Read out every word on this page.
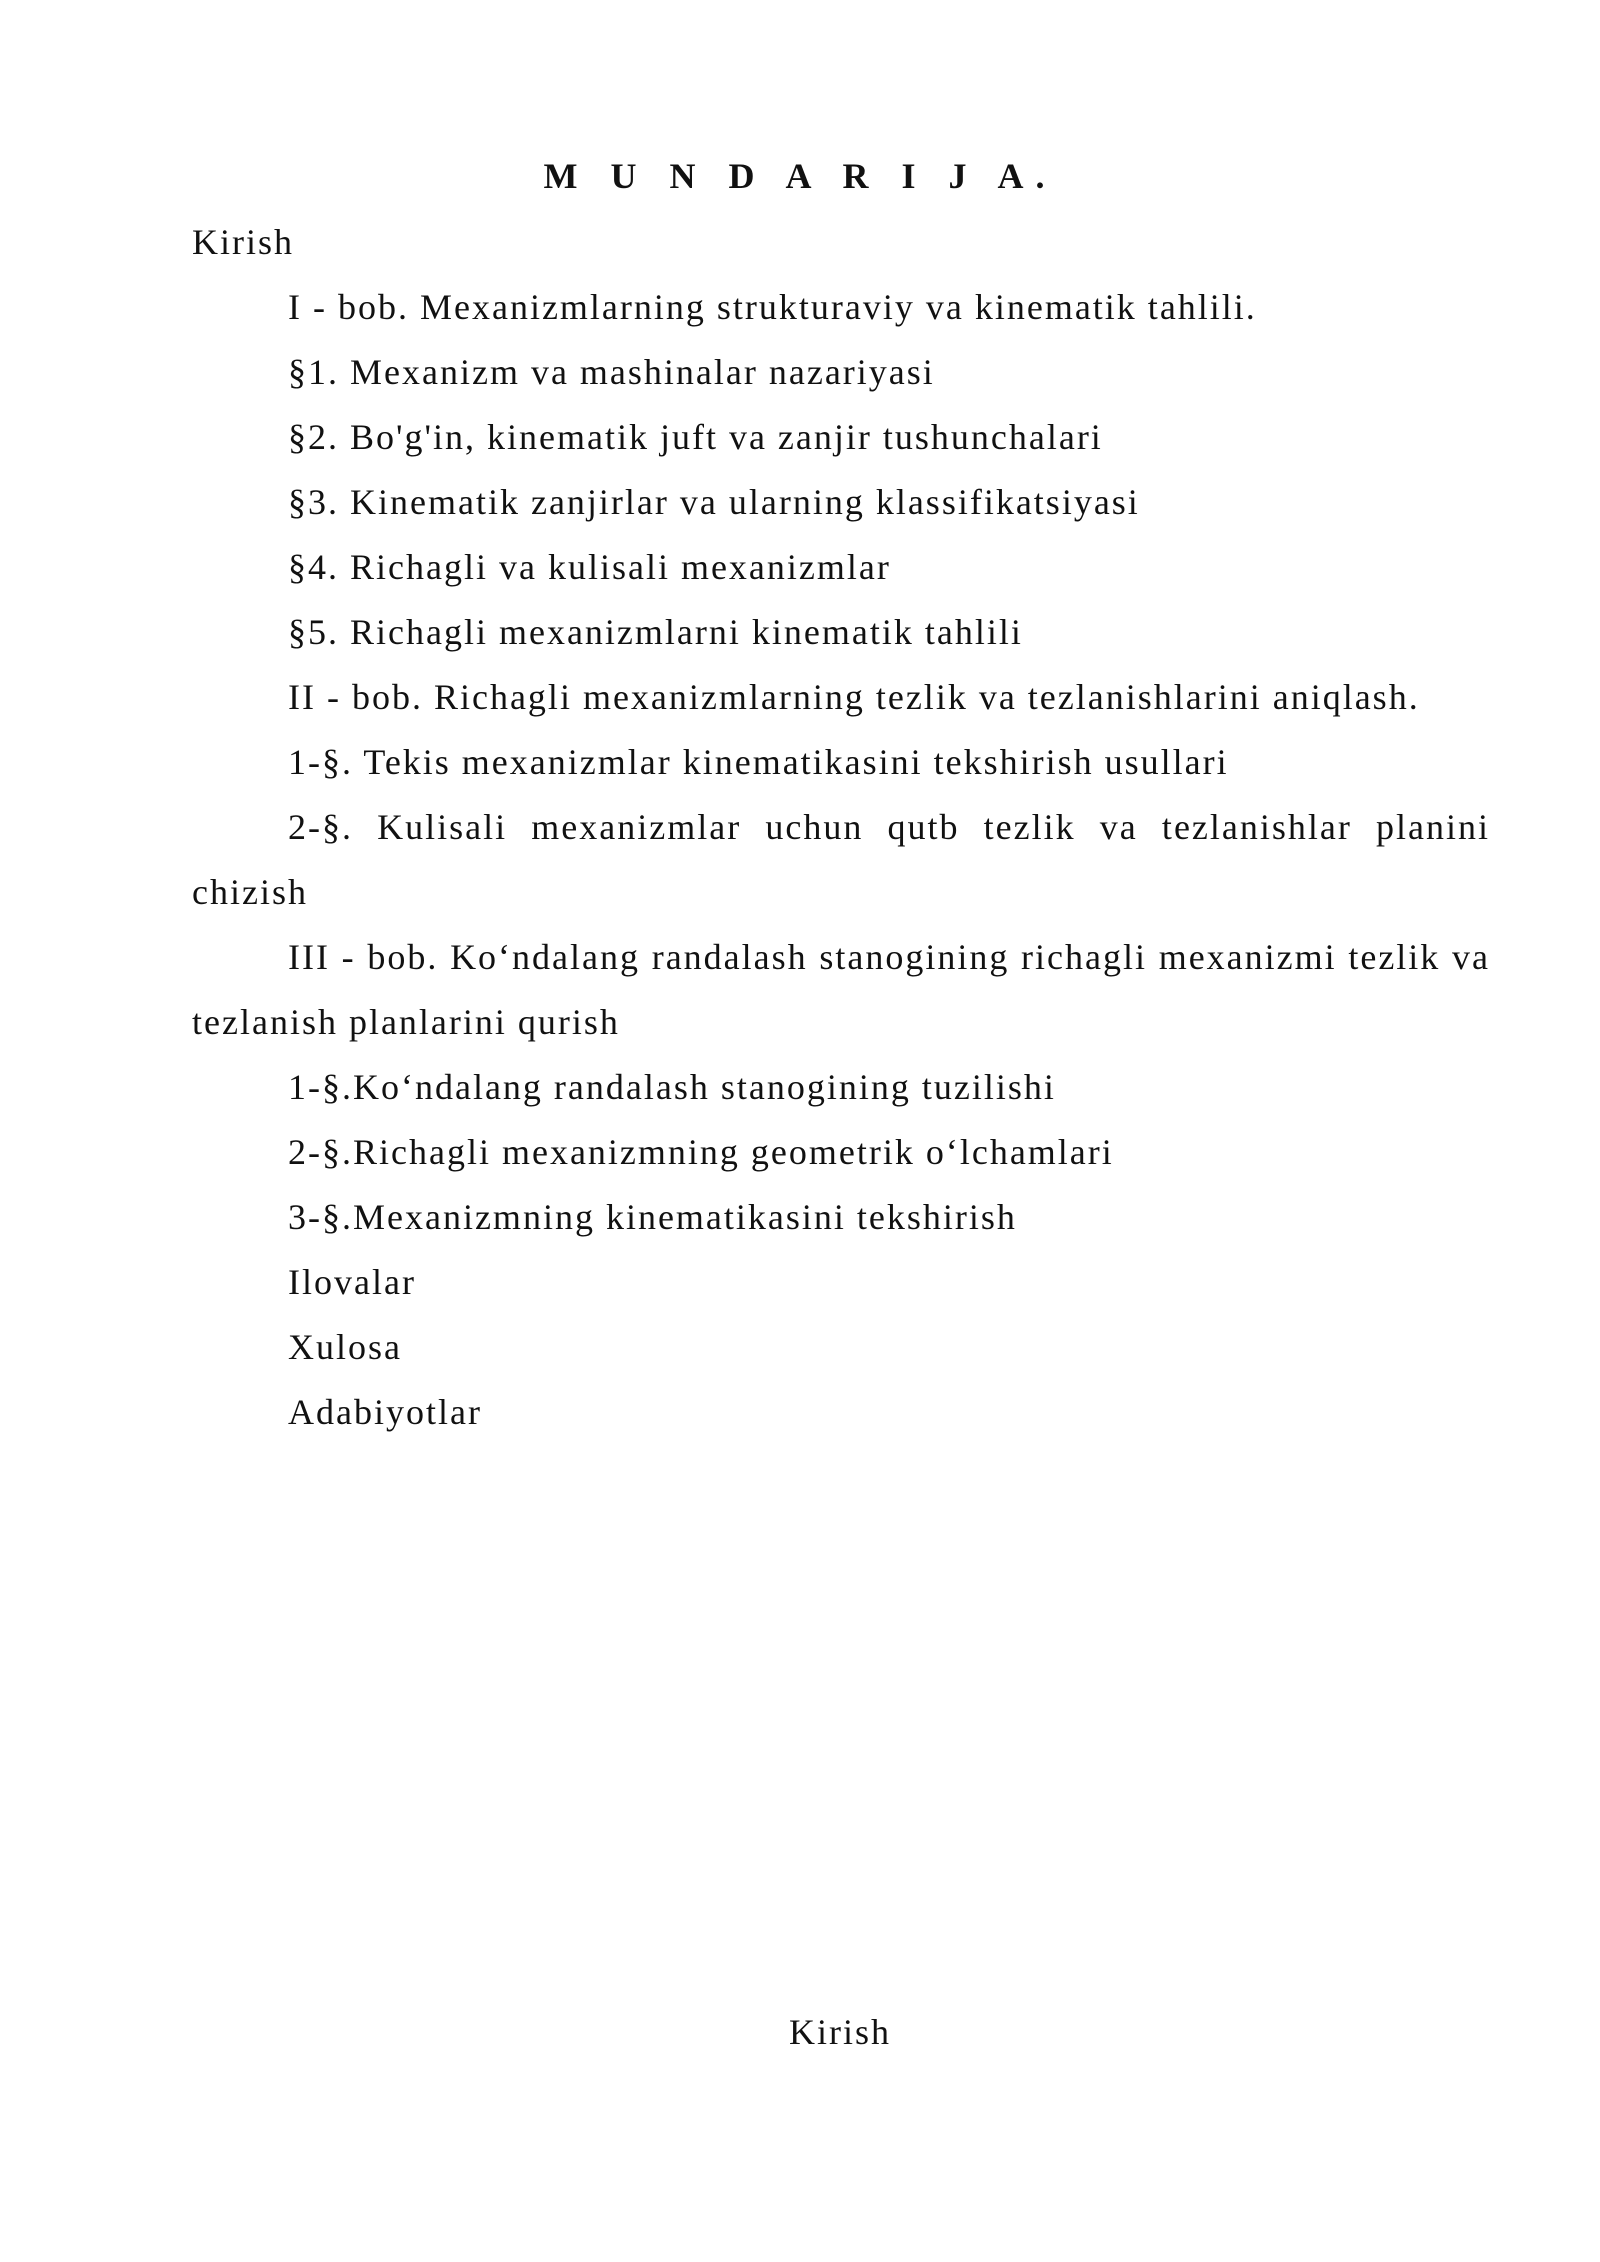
M U N D A R I J A.

Kirish

I - bob. Mexanizmlarning strukturaviy va kinematik tahlili.

§1. Mexanizm va mashinalar nazariyasi

§2. Bo'g'in, kinematik juft va zanjir tushunchalari

§3. Kinematik zanjirlar va ularning klassifikatsiyasi

§4. Richagli va kulisali mexanizmlar

§5. Richagli mexanizmlarni kinematik tahlili

II - bob. Richagli mexanizmlarning tezlik va tezlanishlarini aniqlash.

1-§. Tekis mexanizmlar kinematikasini tekshirish usullari

2-§. Kulisali mexanizmlar uchun qutb tezlik va tezlanishlar planini chizish

III - bob. Koʻndalang randalash stanogining richagli mexanizmi tezlik va tezlanish planlarini qurish

1-§.Koʻndalang randalash stanogining tuzilishi

2-§.Richagli mexanizmning geometrik oʻlchamlari

3-§.Mexanizmning kinematikasini tekshirish

Ilovalar

Xulosa

Adabiyotlar

Kirish
